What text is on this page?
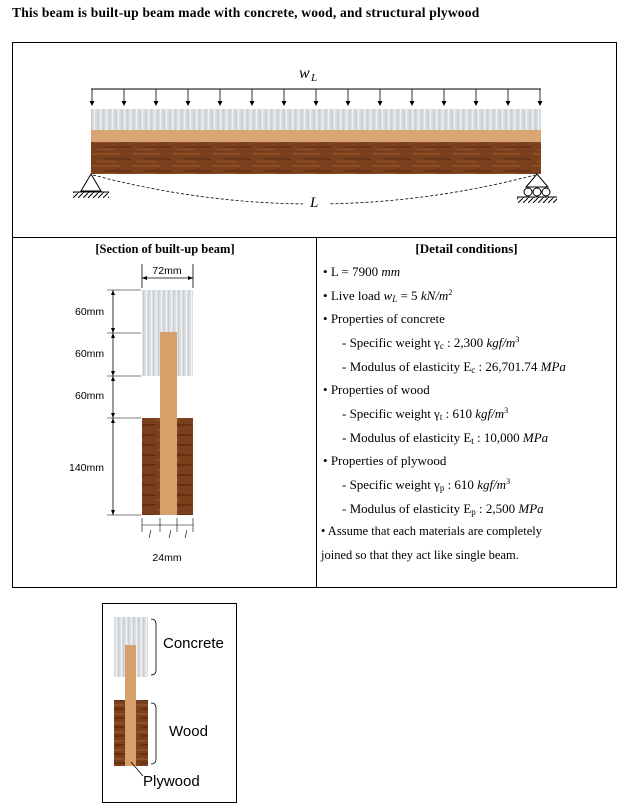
This beam is built-up beam made with concrete, wood, and structural plywood
w L
L
[Section of built-up beam]
72mm
60mm
60mm
60mm
140mm
24mm
[Detail conditions]
• L = 7900 mm
• Live load $w_L = 5$ $kN/m^2$
• Properties of concrete
- Specific weight $\gamma_c$ : 2,300 kgf/$m^3$
- Modulus of elasticity $E_c$ : 26,701.74 MPa
• Properties of wood
- Specific weight $\gamma_t$ : 610 kgf/$m^3$
- Modulus of elasticity $E_t$ : 10,000 MPa
• Properties of plywood
- Specific weight $\gamma_p$ : 610 kgf/$m^3$
- Modulus of elasticity $E_p$ : 2,500 MPa
• Assume that each materials are completely
joined so that they act like single beam.
Concrete
Wood
Plywood
